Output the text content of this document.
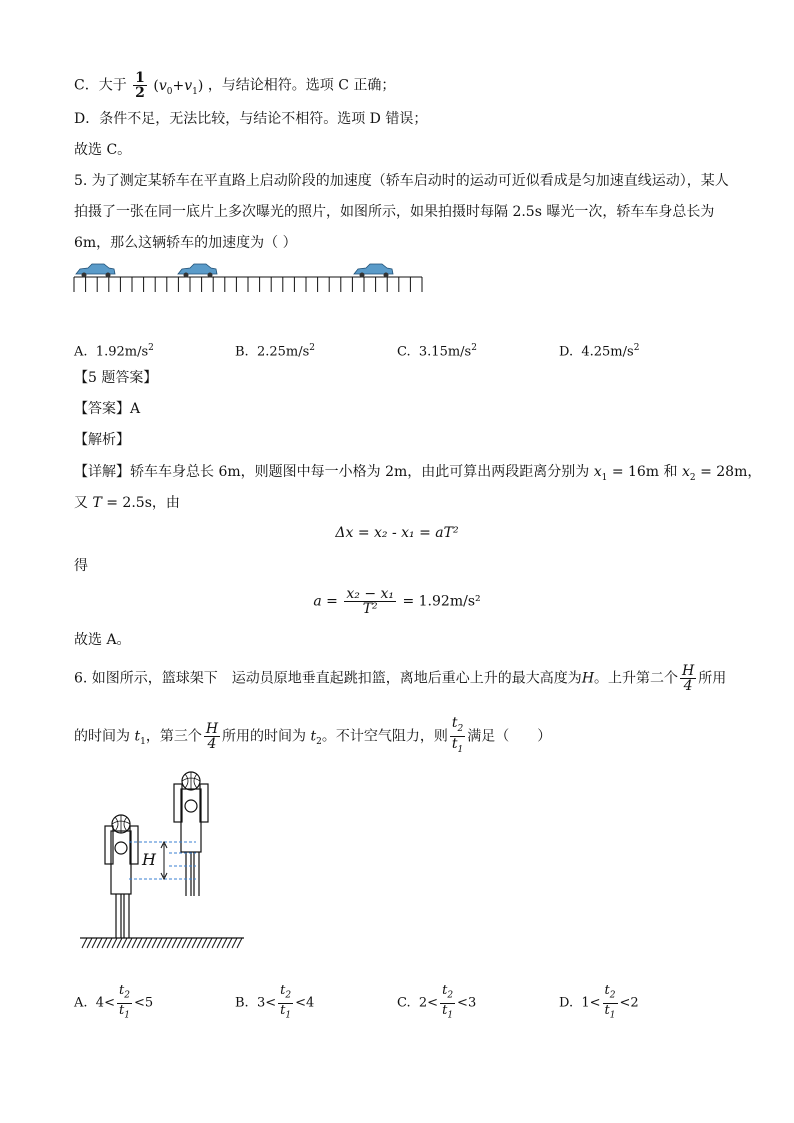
C．大于 $\frac{1}{2} (v_0+v_1)$ ，与结论相符。选项 C 正确；
D．条件不足，无法比较，与结论不相符。选项 D 错误；
故选 C。
5. 为了测定某轿车在平直路上启动阶段的加速度（轿车启动时的运动可近似看成是匀加速直线运动），某人
拍摄了一张在同一底片上多次曝光的照片，如图所示，如果拍摄时每隔 2.5s 曝光一次，轿车车身总长为
6m，那么这辆轿车的加速度为（ ）
A. $1.92m/s^2$	B. $2.25m/s^2$	C. $3.15m/s^2$	D. $4.25m/s^2$
【5 题答案】
【答案】A
【解析】
【详解】轿车车身总长 6m，则题图中每一小格为 2m，由此可算出两段距离分别为 $x_1 = 16m$ 和 $x_2 = 28m$，
又 T = 2.5s，由
Δx = x₂ - x₁ = aT²
得
$a = \frac{\text{x₂ − x₁}}{\text{T²}} = 1.92m/s^2$
故选 A。
6. 如图所示，篮球架下　运动员原地垂直起跳扣篮，离地后重心上升的最大高度为H。上升第二个 $\frac{H}{4}$ 所用
的时间为 $t_1$，第三个 $\frac{H}{4}$ 所用的时间为 $t_2$。不计空气阻力，则 $\frac{t_2}{t_1}$ 满足（　　）
H
A. $4< \frac{t_2}{t_1} <5$	B. $3< \frac{t_2}{t_1} <4$	C. $2< \frac{t_2}{t_1} <3$	D. $1< \frac{t_2}{t_1} <2$
